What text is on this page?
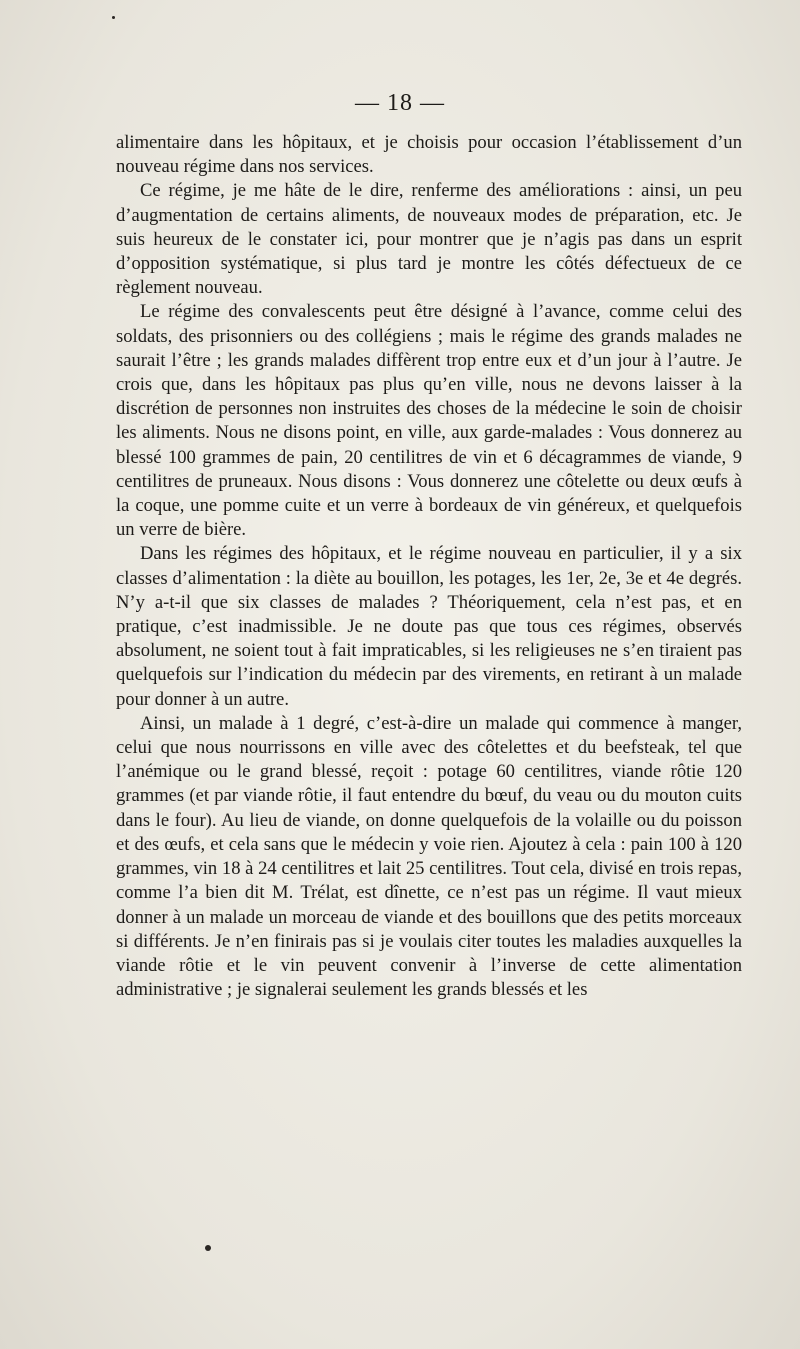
— 18 —

alimentaire dans les hôpitaux, et je choisis pour occasion l’établissement d’un nouveau régime dans nos services.

Ce régime, je me hâte de le dire, renferme des améliorations : ainsi, un peu d’augmentation de certains aliments, de nouveaux modes de préparation, etc. Je suis heureux de le constater ici, pour montrer que je n’agis pas dans un esprit d’opposition systématique, si plus tard je montre les côtés défectueux de ce règlement nouveau.

Le régime des convalescents peut être désigné à l’avance, comme celui des soldats, des prisonniers ou des collégiens ; mais le régime des grands malades ne saurait l’être ; les grands malades diffèrent trop entre eux et d’un jour à l’autre. Je crois que, dans les hôpitaux pas plus qu’en ville, nous ne devons laisser à la discrétion de personnes non instruites des choses de la médecine le soin de choisir les aliments. Nous ne disons point, en ville, aux garde-malades : Vous donnerez au blessé 100 grammes de pain, 20 centilitres de vin et 6 décagrammes de viande, 9 centilitres de pruneaux. Nous disons : Vous donnerez une côtelette ou deux œufs à la coque, une pomme cuite et un verre à bordeaux de vin généreux, et quelquefois un verre de bière.

Dans les régimes des hôpitaux, et le régime nouveau en particulier, il y a six classes d’alimentation : la diète au bouillon, les potages, les 1er, 2e, 3e et 4e degrés. N’y a-t-il que six classes de malades ? Théoriquement, cela n’est pas, et en pratique, c’est inadmissible. Je ne doute pas que tous ces régimes, observés absolument, ne soient tout à fait impraticables, si les religieuses ne s’en tiraient pas quelquefois sur l’indication du médecin par des virements, en retirant à un malade pour donner à un autre.

Ainsi, un malade à 1 degré, c’est-à-dire un malade qui commence à manger, celui que nous nourrissons en ville avec des côtelettes et du beefsteak, tel que l’anémique ou le grand blessé, reçoit : potage 60 centilitres, viande rôtie 120 grammes (et par viande rôtie, il faut entendre du bœuf, du veau ou du mouton cuits dans le four). Au lieu de viande, on donne quelquefois de la volaille ou du poisson et des œufs, et cela sans que le médecin y voie rien. Ajoutez à cela : pain 100 à 120 grammes, vin 18 à 24 centilitres et lait 25 centilitres. Tout cela, divisé en trois repas, comme l’a bien dit M. Trélat, est dînette, ce n’est pas un régime. Il vaut mieux donner à un malade un morceau de viande et des bouillons que des petits morceaux si différents. Je n’en finirais pas si je voulais citer toutes les maladies auxquelles la viande rôtie et le vin peuvent convenir à l’inverse de cette alimentation administrative ; je signalerai seulement les grands blessés et les
